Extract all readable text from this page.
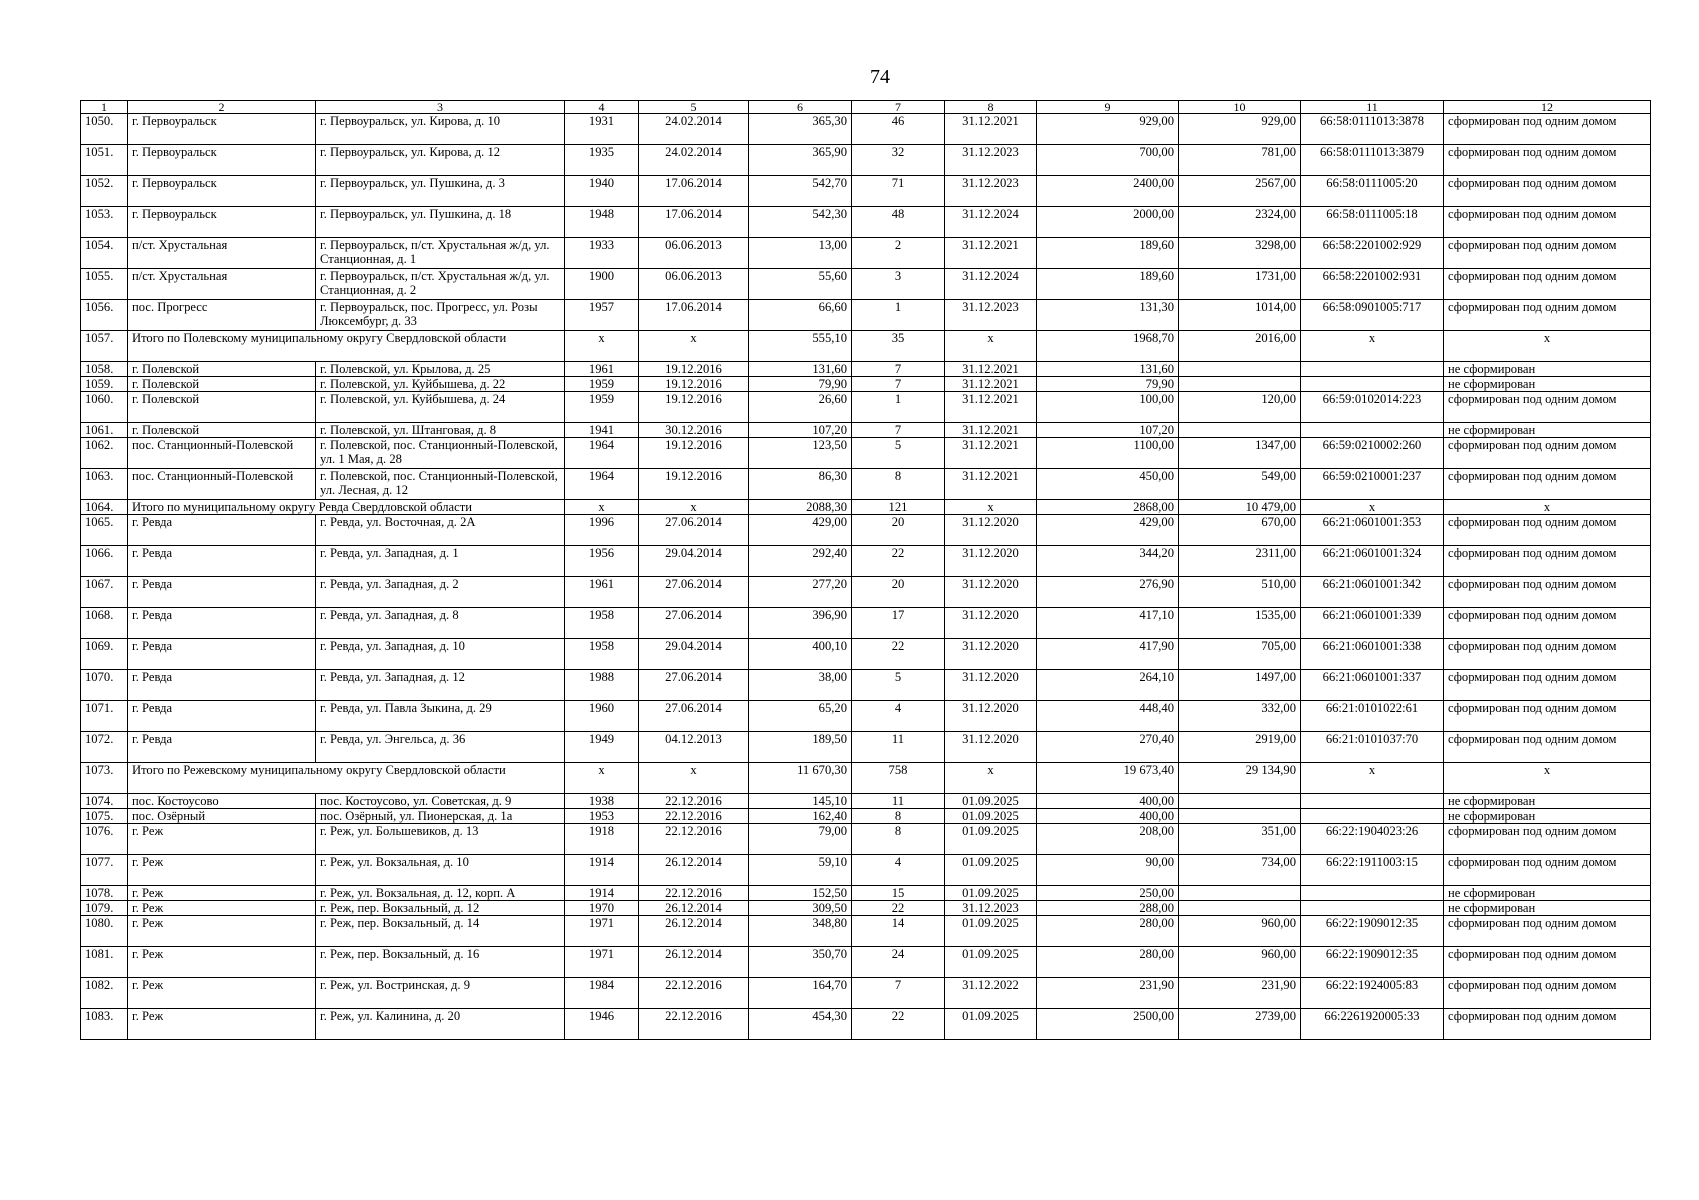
74
1	2	3	4	5	6	7	8	9	10	11	12
1050.	г. Первоуральск	г. Первоуральск, ул. Кирова, д. 10	1931	24.02.2014	365,30	46	31.12.2021	929,00	929,00	66:58:0111013:3878	сформирован под одним домом
1051.	г. Первоуральск	г. Первоуральск, ул. Кирова, д. 12	1935	24.02.2014	365,90	32	31.12.2023	700,00	781,00	66:58:0111013:3879	сформирован под одним домом
1052.	г. Первоуральск	г. Первоуральск, ул. Пушкина, д. 3	1940	17.06.2014	542,70	71	31.12.2023	2400,00	2567,00	66:58:0111005:20	сформирован под одним домом
1053.	г. Первоуральск	г. Первоуральск, ул. Пушкина, д. 18	1948	17.06.2014	542,30	48	31.12.2024	2000,00	2324,00	66:58:0111005:18	сформирован под одним домом
1054.	п/ст. Хрустальная	г. Первоуральск, п/ст. Хрустальная ж/д, ул. Станционная, д. 1	1933	06.06.2013	13,00	2	31.12.2021	189,60	3298,00	66:58:2201002:929	сформирован под одним домом
1055.	п/ст. Хрустальная	г. Первоуральск, п/ст. Хрустальная ж/д, ул. Станционная, д. 2	1900	06.06.2013	55,60	3	31.12.2024	189,60	1731,00	66:58:2201002:931	сформирован под одним домом
1056.	пос. Прогресс	г. Первоуральск, пос. Прогресс, ул. Розы Люксембург, д. 33	1957	17.06.2014	66,60	1	31.12.2023	131,30	1014,00	66:58:0901005:717	сформирован под одним домом
1057.	Итого по Полевскому муниципальному округу Свердловской области		х	х	555,10	35	х	1968,70	2016,00	х	х
1058.	г. Полевской	г. Полевской, ул. Крылова, д. 25	1961	19.12.2016	131,60	7	31.12.2021	131,60			не сформирован
1059.	г. Полевской	г. Полевской, ул. Куйбышева, д. 22	1959	19.12.2016	79,90	7	31.12.2021	79,90			не сформирован
1060.	г. Полевской	г. Полевской, ул. Куйбышева, д. 24	1959	19.12.2016	26,60	1	31.12.2021	100,00	120,00	66:59:0102014:223	сформирован под одним домом
1061.	г. Полевской	г. Полевской, ул. Штанговая, д. 8	1941	30.12.2016	107,20	7	31.12.2021	107,20			не сформирован
1062.	пос. Станционный-Полевской	г. Полевской, пос. Станционный-Полевской, ул. 1 Мая, д. 28	1964	19.12.2016	123,50	5	31.12.2021	1100,00	1347,00	66:59:0210002:260	сформирован под одним домом
1063.	пос. Станционный-Полевской	г. Полевской, пос. Станционный-Полевской, ул. Лесная, д. 12	1964	19.12.2016	86,30	8	31.12.2021	450,00	549,00	66:59:0210001:237	сформирован под одним домом
1064.	Итого по муниципальному округу Ревда Свердловской области		х	х	2088,30	121	х	2868,00	10 479,00	х	х
1065.	г. Ревда	г. Ревда, ул. Восточная, д. 2А	1996	27.06.2014	429,00	20	31.12.2020	429,00	670,00	66:21:0601001:353	сформирован под одним домом
1066.	г. Ревда	г. Ревда, ул. Западная, д. 1	1956	29.04.2014	292,40	22	31.12.2020	344,20	2311,00	66:21:0601001:324	сформирован под одним домом
1067.	г. Ревда	г. Ревда, ул. Западная, д. 2	1961	27.06.2014	277,20	20	31.12.2020	276,90	510,00	66:21:0601001:342	сформирован под одним домом
1068.	г. Ревда	г. Ревда, ул. Западная, д. 8	1958	27.06.2014	396,90	17	31.12.2020	417,10	1535,00	66:21:0601001:339	сформирован под одним домом
1069.	г. Ревда	г. Ревда, ул. Западная, д. 10	1958	29.04.2014	400,10	22	31.12.2020	417,90	705,00	66:21:0601001:338	сформирован под одним домом
1070.	г. Ревда	г. Ревда, ул. Западная, д. 12	1988	27.06.2014	38,00	5	31.12.2020	264,10	1497,00	66:21:0601001:337	сформирован под одним домом
1071.	г. Ревда	г. Ревда, ул. Павла Зыкина, д. 29	1960	27.06.2014	65,20	4	31.12.2020	448,40	332,00	66:21:0101022:61	сформирован под одним домом
1072.	г. Ревда	г. Ревда, ул. Энгельса, д. 36	1949	04.12.2013	189,50	11	31.12.2020	270,40	2919,00	66:21:0101037:70	сформирован под одним домом
1073.	Итого по Режевскому муниципальному округу Свердловской области		х	х	11 670,30	758	х	19 673,40	29 134,90	х	х
1074.	пос. Костоусово	пос. Костоусово, ул. Советская, д. 9	1938	22.12.2016	145,10	11	01.09.2025	400,00			не сформирован
1075.	пос. Озёрный	пос. Озёрный, ул. Пионерская, д. 1а	1953	22.12.2016	162,40	8	01.09.2025	400,00			не сформирован
1076.	г. Реж	г. Реж, ул. Большевиков, д. 13	1918	22.12.2016	79,00	8	01.09.2025	208,00	351,00	66:22:1904023:26	сформирован под одним домом
1077.	г. Реж	г. Реж, ул. Вокзальная, д. 10	1914	26.12.2014	59,10	4	01.09.2025	90,00	734,00	66:22:1911003:15	сформирован под одним домом
1078.	г. Реж	г. Реж, ул. Вокзальная, д. 12, корп. А	1914	22.12.2016	152,50	15	01.09.2025	250,00			не сформирован
1079.	г. Реж	г. Реж, пер. Вокзальный, д. 12	1970	26.12.2014	309,50	22	31.12.2023	288,00			не сформирован
1080.	г. Реж	г. Реж, пер. Вокзальный, д. 14	1971	26.12.2014	348,80	14	01.09.2025	280,00	960,00	66:22:1909012:35	сформирован под одним домом
1081.	г. Реж	г. Реж, пер. Вокзальный, д. 16	1971	26.12.2014	350,70	24	01.09.2025	280,00	960,00	66:22:1909012:35	сформирован под одним домом
1082.	г. Реж	г. Реж, ул. Востринская, д. 9	1984	22.12.2016	164,70	7	31.12.2022	231,90	231,90	66:22:1924005:83	сформирован под одним домом
1083.	г. Реж	г. Реж, ул. Калинина, д. 20	1946	22.12.2016	454,30	22	01.09.2025	2500,00	2739,00	66:2261920005:33	сформирован под одним домом
